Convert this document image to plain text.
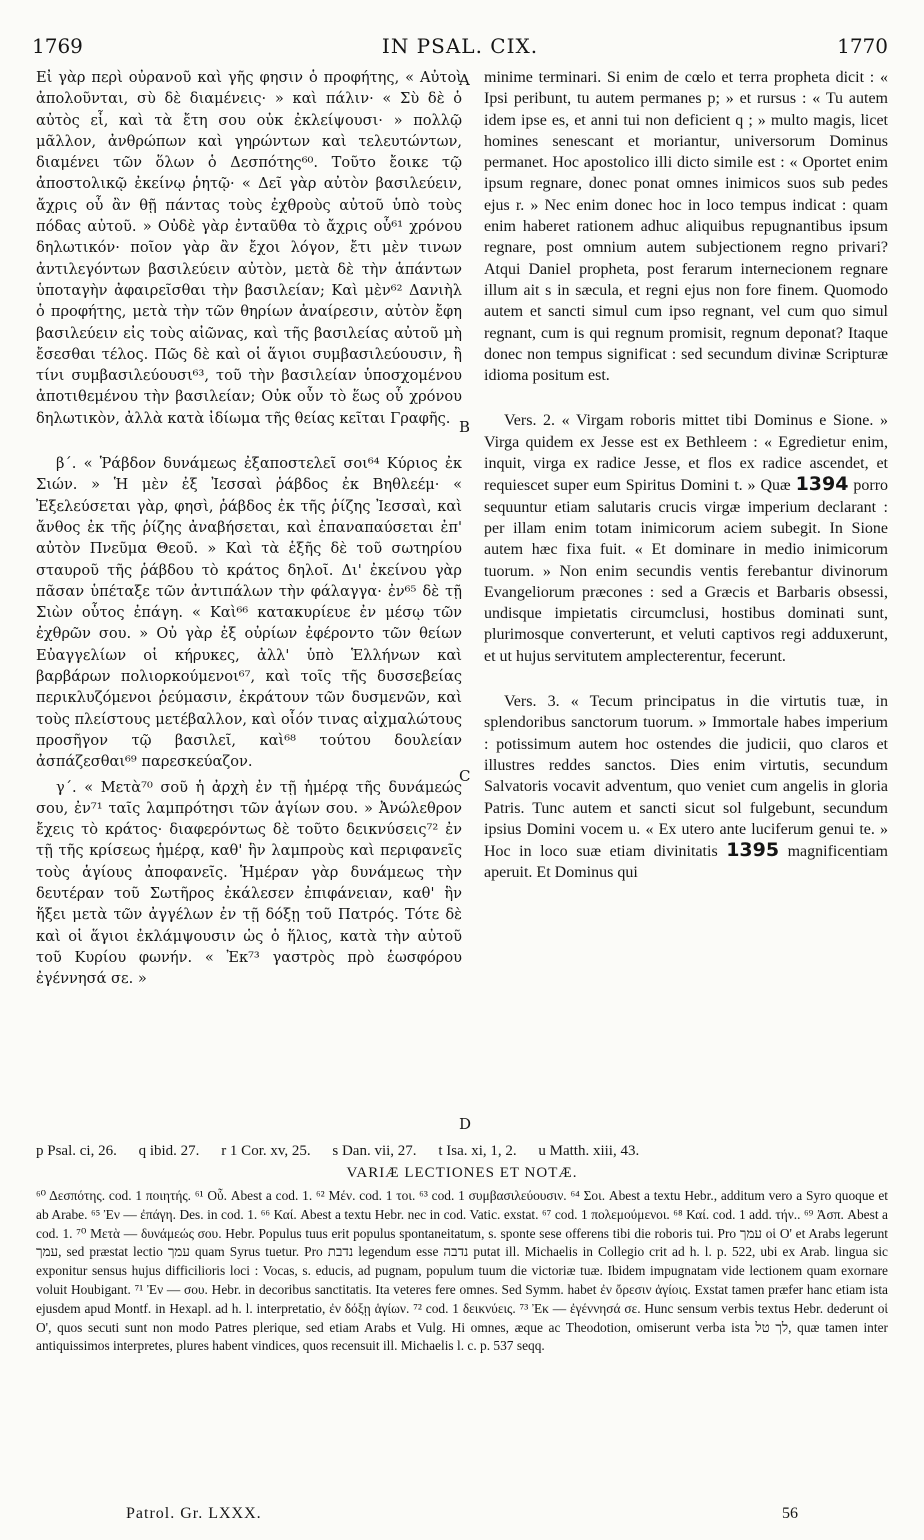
1769	IN PSAL. CIX.	1770
A
B
C
D

Εἰ γὰρ περὶ οὐρανοῦ καὶ γῆς φησιν ὁ προφήτης, « Αὐτοὶ ἀπολοῦνται, σὺ δὲ διαμένεις· » καὶ πάλιν· « Σὺ δὲ ὁ αὐτὸς εἶ, καὶ τὰ ἔτη σου οὐκ ἐκλείψουσι· » πολλῷ μᾶλλον, ἀνθρώπων καὶ γηρώντων καὶ τελευτώντων, διαμένει τῶν ὅλων ὁ Δεσπότης⁶⁰. Τοῦτο ἔοικε τῷ ἀποστολικῷ ἐκείνῳ ῥητῷ· « Δεῖ γὰρ αὐτὸν βασιλεύειν, ἄχρις οὗ ἂν θῇ πάντας τοὺς ἐχθροὺς αὐτοῦ ὑπὸ τοὺς πόδας αὐτοῦ. » Οὐδὲ γὰρ ἐνταῦθα τὸ ἄχρις οὗ⁶¹ χρόνου δηλωτικόν· ποῖον γὰρ ἂν ἔχοι λόγον, ἔτι μὲν τινων ἀντιλεγόντων βασιλεύειν αὐτὸν, μετὰ δὲ τὴν ἁπάντων ὑποταγὴν ἀφαιρεῖσθαι τὴν βασιλείαν; Καὶ μὲν⁶² Δανιὴλ ὁ προφήτης, μετὰ τὴν τῶν θηρίων ἀναίρεσιν, αὐτὸν ἔφη βασιλεύειν εἰς τοὺς αἰῶνας, καὶ τῆς βασιλείας αὐτοῦ μὴ ἔσεσθαι τέλος. Πῶς δὲ καὶ οἱ ἅγιοι συμβασιλεύουσιν, ἢ τίνι συμβασιλεύουσι⁶³, τοῦ τὴν βασιλείαν ὑποσχομένου ἀποτιθεμένου τὴν βασιλείαν; Οὐκ οὖν τὸ ἕως οὗ χρόνου δηλωτικὸν, ἀλλὰ κατὰ ἰδίωμα τῆς θείας κεῖται Γραφῆς.

β΄. « Ῥάβδον δυνάμεως ἐξαποστελεῖ σοι⁶⁴ Κύριος ἐκ Σιών. » Ἡ μὲν ἐξ Ἰεσσαὶ ῥάβδος ἐκ Βηθλεέμ· « Ἐξελεύσεται γὰρ, φησὶ, ῥάβδος ἐκ τῆς ῥίζης Ἰεσσαὶ, καὶ ἄνθος ἐκ τῆς ῥίζης ἀναβήσεται, καὶ ἐπαναπαύσεται ἐπ' αὐτὸν Πνεῦμα Θεοῦ. » Καὶ τὰ ἑξῆς δὲ τοῦ σωτηρίου σταυροῦ τῆς ῥάβδου τὸ κράτος δηλοῖ. Δι' ἐκείνου γὰρ πᾶσαν ὑπέταξε τῶν ἀντιπάλων τὴν φάλαγγα· ἐν⁶⁵ δὲ τῇ Σιὼν οὗτος ἐπάγη. « Καὶ⁶⁶ κατακυρίευε ἐν μέσῳ τῶν ἐχθρῶν σου. » Οὐ γὰρ ἐξ οὐρίων ἐφέροντο τῶν θείων Εὐαγγελίων οἱ κήρυκες, ἀλλ' ὑπὸ Ἑλλήνων καὶ βαρβάρων πολιορκούμενοι⁶⁷, καὶ τοῖς τῆς δυσσεβείας περικλυζόμενοι ῥεύμασιν, ἐκράτουν τῶν δυσμενῶν, καὶ τοὺς πλείστους μετέβαλλον, καὶ οἷόν τινας αἰχμαλώτους προσῆγον τῷ βασιλεῖ, καὶ⁶⁸ τούτου δουλείαν ἀσπάζεσθαι⁶⁹ παρεσκεύαζον.

γ΄. « Μετὰ⁷⁰ σοῦ ἡ ἀρχὴ ἐν τῇ ἡμέρᾳ τῆς δυνάμεώς σου, ἐν⁷¹ ταῖς λαμπρότησι τῶν ἁγίων σου. » Ἀνώλεθρον ἔχεις τὸ κράτος· διαφερόντως δὲ τοῦτο δεικνύσεις⁷² ἐν τῇ τῆς κρίσεως ἡμέρᾳ, καθ' ἣν λαμπροὺς καὶ περιφανεῖς τοὺς ἁγίους ἀποφανεῖς. Ἡμέραν γὰρ δυνάμεως τὴν δευτέραν τοῦ Σωτῆρος ἐκάλεσεν ἐπιφάνειαν, καθ' ἣν ἥξει μετὰ τῶν ἀγγέλων ἐν τῇ δόξῃ τοῦ Πατρός. Τότε δὲ καὶ οἱ ἅγιοι ἐκλάμψουσιν ὡς ὁ ἥλιος, κατὰ τὴν αὐτοῦ τοῦ Κυρίου φωνήν. « Ἐκ⁷³ γαστρὸς πρὸ ἑωσφόρου ἐγέννησά σε. »

minime terminari. Si enim de cœlo et terra propheta dicit : « Ipsi peribunt, tu autem permanes p; » et rursus : « Tu autem idem ipse es, et anni tui non deficient q ; » multo magis, licet homines senescant et moriantur, universorum Dominus permanet. Hoc apostolico illi dicto simile est : « Oportet enim ipsum regnare, donec ponat omnes inimicos suos sub pedes ejus r. » Nec enim donec hoc in loco tempus indicat : quam enim haberet rationem adhuc aliquibus repugnantibus ipsum regnare, post omnium autem subjectionem regno privari? Atqui Daniel propheta, post ferarum internecionem regnare illum ait s in sæcula, et regni ejus non fore finem. Quomodo autem et sancti simul cum ipso regnant, vel cum quo simul regnant, cum is qui regnum promisit, regnum deponat? Itaque donec non tempus significat : sed secundum divinæ Scripturæ idioma positum est.

Vers. 2. « Virgam roboris mittet tibi Dominus e Sione. » Virga quidem ex Jesse est ex Bethleem : « Egredietur enim, inquit, virga ex radice Jesse, et flos ex radice ascendet, et requiescet super eum Spiritus Domini t. » Quæ 1394 porro sequuntur etiam salutaris crucis virgæ imperium declarant : per illam enim totam inimicorum aciem subegit. In Sione autem hæc fixa fuit. « Et dominare in medio inimicorum tuorum. » Non enim secundis ventis ferebantur divinorum Evangeliorum præcones : sed a Græcis et Barbaris obsessi, undisque impietatis circumclusi, hostibus dominati sunt, plurimosque converterunt, et veluti captivos regi adduxerunt, et ut hujus servitutem amplecterentur, fecerunt.

Vers. 3. « Tecum principatus in die virtutis tuæ, in splendoribus sanctorum tuorum. » Immortale habes imperium : potissimum autem hoc ostendes die judicii, quo claros et illustres reddes sanctos. Dies enim virtutis, secundum Salvatoris vocavit adventum, quo veniet cum angelis in gloria Patris. Tunc autem et sancti sicut sol fulgebunt, secundum ipsius Domini vocem u. « Ex utero ante luciferum genui te. » Hoc in loco suæ etiam divinitatis 1395 magnificentiam aperuit. Et Dominus qui

p Psal. ci, 26. q ibid. 27. r 1 Cor. xv, 25. s Dan. vii, 27. t Isa. xi, 1, 2. u Matth. xiii, 43.
VARIÆ LECTIONES ET NOTÆ.

⁶⁰ Δεσπότης. cod. 1 ποιητής. ⁶¹ Οὗ. Abest a cod. 1. ⁶² Μέν. cod. 1 τοι. ⁶³ cod. 1 συμβασιλεύουσιν. ⁶⁴ Σοι. Abest a textu Hebr., additum vero a Syro quoque et ab Arabe. ⁶⁵ Ἐν — ἐπάγη. Des. in cod. 1. ⁶⁶ Καί. Abest a textu Hebr. nec in cod. Vatic. exstat. ⁶⁷ cod. 1 πολεμούμενοι. ⁶⁸ Καί. cod. 1 add. τήν.. ⁶⁹ Ἀσπ. Abest a cod. 1. ⁷⁰ Μετὰ — δυνάμεώς σου. Hebr. Populus tuus erit populus spontaneitatum, s. sponte sese offerens tibi die roboris tui. Pro עמך οἱ Ο' et Arabs legerunt עמך, sed præstat lectio עמך quam Syrus tuetur. Pro נדבת legendum esse נדבה putat ill. Michaelis in Collegio crit ad h. l. p. 522, ubi ex Arab. lingua sic exponitur sensus hujus difficilioris loci : Vocas, s. educis, ad pugnam, populum tuum die victoriæ tuæ. Ibidem impugnatam vide lectionem quam exornare voluit Houbigant. ⁷¹ Ἐν — σου. Hebr. in decoribus sanctitatis. Ita veteres fere omnes. Sed Symm. habet ἐν ὄρεσιν ἁγίοις. Exstat tamen præfer hanc etiam ista ejusdem apud Montf. in Hexapl. ad h. l. interpretatio, ἐν δόξῃ ἁγίων. ⁷² cod. 1 δεικνύεις. ⁷³ Ἐκ — ἐγέννησά σε. Hunc sensum verbis textus Hebr. dederunt οἱ Ο', quos secuti sunt non modo Patres plerique, sed etiam Arabs et Vulg. Hi omnes, æque ac Theodotion, omiserunt verba ista לך טל, quæ tamen inter antiquissimos interpretes, plures habent vindices, quos recensuit ill. Michaelis l. c. p. 537 seqq.

Patrol. Gr. LXXX.	56
